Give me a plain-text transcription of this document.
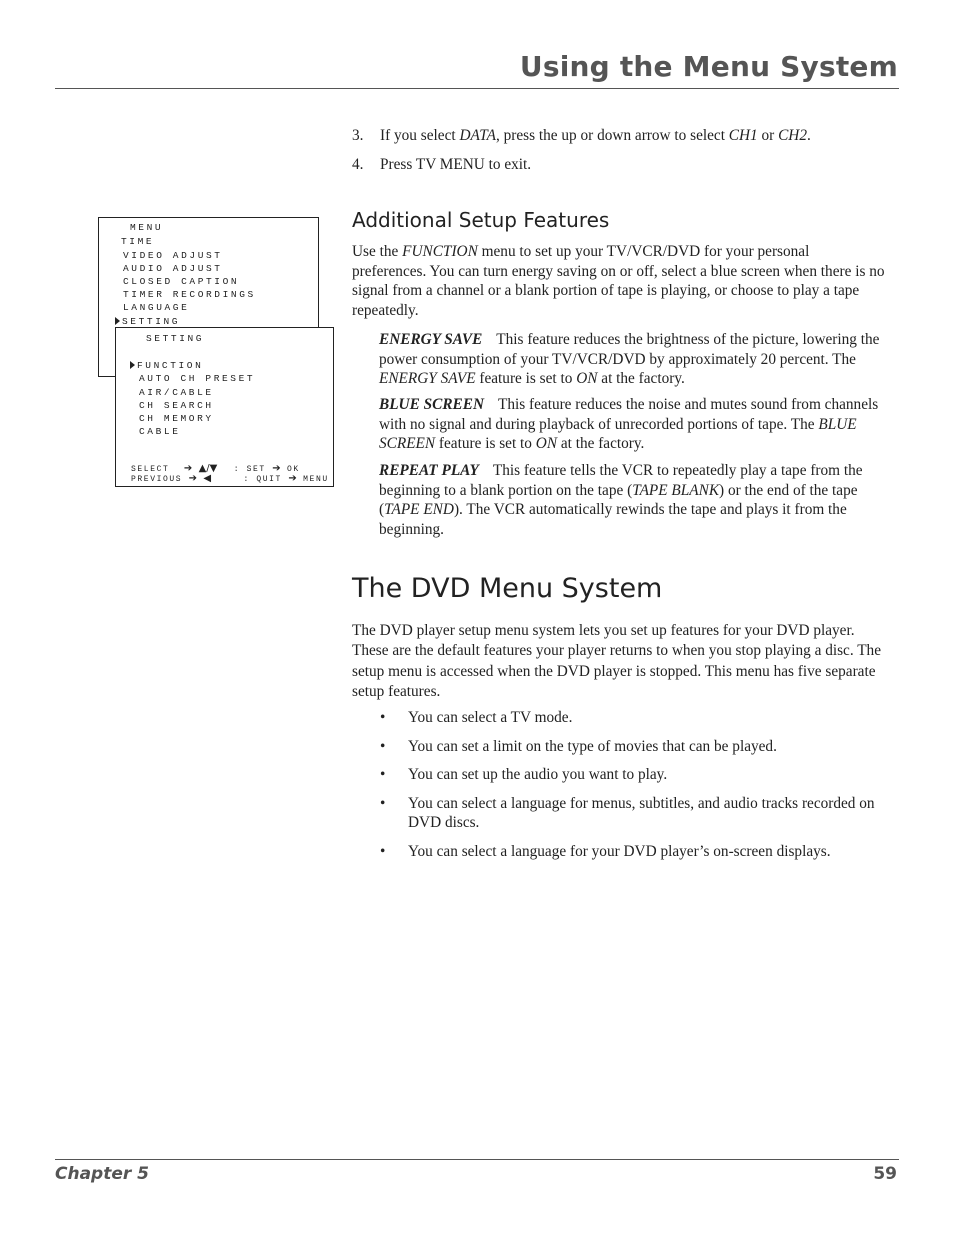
Using the Menu System
3. If you select DATA, press the up or down arrow to select CH1 or CH2.
4. Press TV MENU to exit.
MENU
TIME
VIDEO ADJUST
AUDIO ADJUST
CLOSED CAPTION
TIMER RECORDINGS
LANGUAGE
SETTING
SETTING
FUNCTION
AUTO CH PRESET
AIR/CABLE
CH SEARCH
CH MEMORY
CABLE
SELECT ➔ ▲/▼ : SET ➔ OK
PREVIOUS ➔ ◀	: QUIT ➔ MENU
Additional Setup Features

Use the FUNCTION menu to set up your TV/VCR/DVD for your personal preferences. You can turn energy saving on or off, select a blue screen when there is no signal from a channel or a blank portion of tape is playing, or choose to play a tape repeatedly.

ENERGY SAVE This feature reduces the brightness of the picture, lowering the power consumption of your TV/VCR/DVD by approximately 20 percent. The ENERGY SAVE feature is set to ON at the factory.

BLUE SCREEN This feature reduces the noise and mutes sound from channels with no signal and during playback of unrecorded portions of tape. The BLUE SCREEN feature is set to ON at the factory.

REPEAT PLAY This feature tells the VCR to repeatedly play a tape from the beginning to a blank portion on the tape (TAPE BLANK) or the end of the tape (TAPE END). The VCR automatically rewinds the tape and plays it from the beginning.

The DVD Menu System

The DVD player setup menu system lets you set up features for your DVD player. These are the default features your player returns to when you stop playing a disc. The setup menu is accessed when the DVD player is stopped. This menu has five separate setup features.

• You can select a TV mode.
• You can set a limit on the type of movies that can be played.
• You can set up the audio you want to play.
• You can select a language for menus, subtitles, and audio tracks recorded on DVD discs.
• You can select a language for your DVD player’s on-screen displays.
Chapter 5	59
